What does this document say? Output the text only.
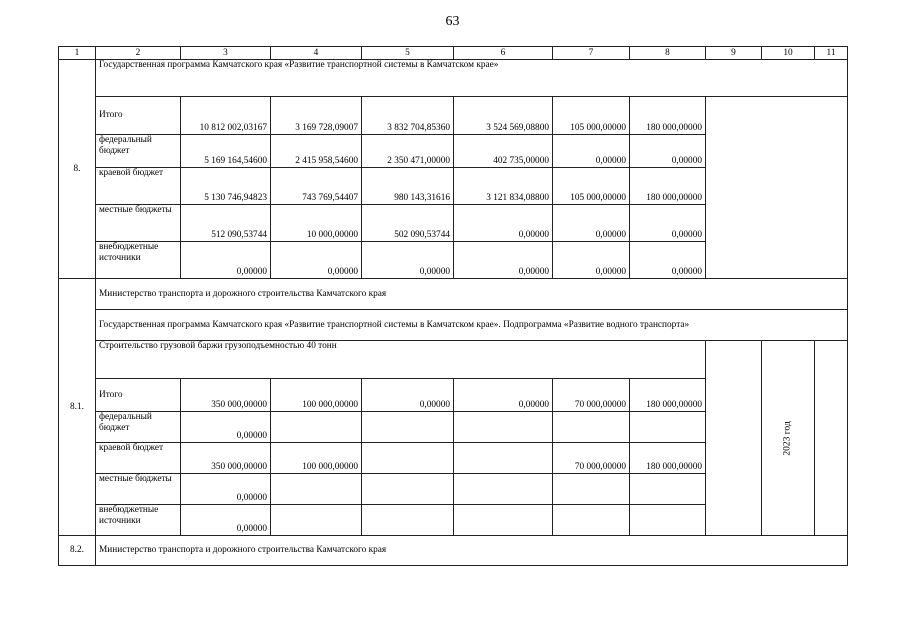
63
1	2	3	4	5	6	7	8	9	10	11
8.	Государственная программа Камчатского края «Развитие транспортной системы в Камчатском крае»									
	Итого	10 812 002,03167	3 169 728,09007	3 832 704,85360	3 524 569,08800	105 000,00000	180 000,00000			
	федеральный бюджет	5 169 164,54600	2 415 958,54600	2 350 471,00000	402 735,00000	0,00000	0,00000			
	краевой бюджет	5 130 746,94823	743 769,54407	980 143,31616	3 121 834,08800	105 000,00000	180 000,00000			
	местные бюджеты	512 090,53744	10 000,00000	502 090,53744	0,00000	0,00000	0,00000			
	внебюджетные источники	0,00000	0,00000	0,00000	0,00000	0,00000	0,00000			
8.1.	Министерство транспорта и дорожного строительства Камчатского края									
	Государственная программа Камчатского края «Развитие транспортной системы в Камчатском крае». Подпрограмма «Развитие водного транспорта»									
	Строительство грузовой баржи грузоподъемностью 40 тонн								2023 год	
	Итого	350 000,00000	100 000,00000	0,00000	0,00000	70 000,00000	180 000,00000			
	федеральный бюджет	0,00000								
	краевой бюджет	350 000,00000	100 000,00000			70 000,00000	180 000,00000			
	местные бюджеты	0,00000								
	внебюджетные источники	0,00000								
8.2.	Министерство транспорта и дорожного строительства Камчатского края									
